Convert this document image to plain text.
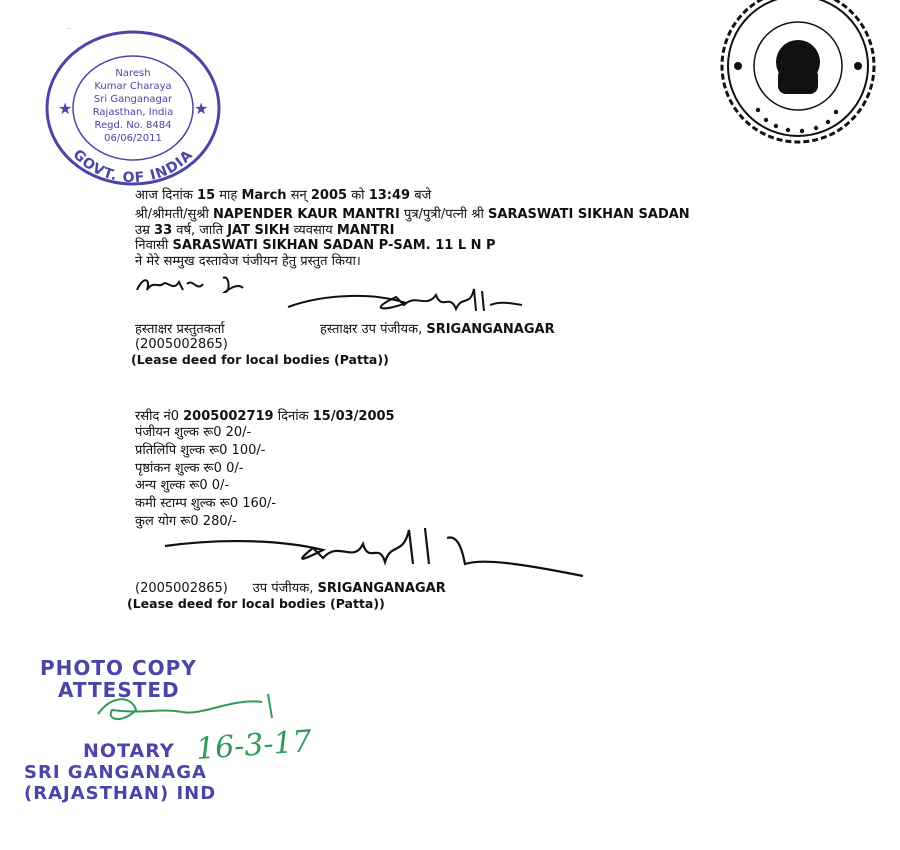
GOVT. OF INDIA
★	★
Naresh
Kumar Charaya
Sri Ganganagar
Rajasthan, India
Regd. No. 8484
06/06/2011
आज दिनांक 15 माह March सन् 2005 को 13:49 बजे
श्री/श्रीमती/सुश्री NAPENDER KAUR MANTRI पुत्र/पुत्री/पत्नी श्री SARASWATI SIKHAN SADAN
उम्र 33 वर्ष, जाति JAT SIKH व्यवसाय MANTRI
निवासी SARASWATI SIKHAN SADAN P-SAM. 11 L N P
ने मेरे सम्मुख दस्तावेज पंजीयन हेतु प्रस्तुत किया।
हस्ताक्षर प्रस्तुतकर्ता	हस्ताक्षर उप पंजीयक, SRIGANGANAGAR
(2005002865)
(Lease deed for local bodies (Patta))
रसीद नं0 2005002719 दिनांक 15/03/2005
पंजीयन शुल्क रू0 20/-
प्रतिलिपि शुल्क रू0 100/-
पृष्ठांकन शुल्क रू0 0/-
अन्य शुल्क रू0 0/-
कमी स्टाम्प शुल्क रू0 160/-
कुल योग रू0 280/-
(2005002865) उप पंजीयक, SRIGANGANAGAR
(Lease deed for local bodies (Patta))
PHOTO COPY
ATTESTED
NOTARY
SRI GANGANAGA
(RAJASTHAN) IND
16-3-17
